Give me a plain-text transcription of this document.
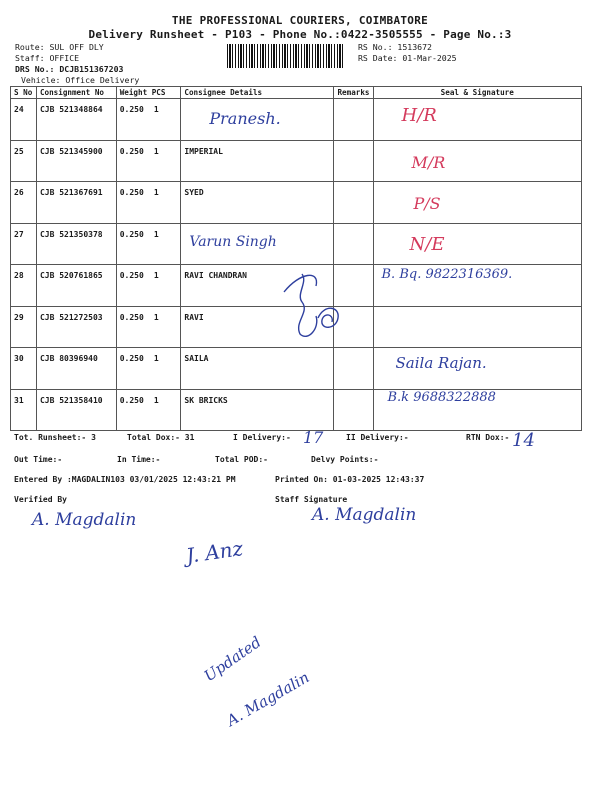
THE PROFESSIONAL COURIERS, COIMBATORE
Delivery Runsheet - P103 - Phone No.:0422-3505555 - Page No.:3
Route: SUL OFF DLY
Staff: OFFICE
DRS No.: DCJB151367203
Vehicle: Office Delivery
RS No.: 1513672
RS Date: 01-Mar-2025
S No	Consignment No	Weight PCS	Consignee Details	Remarks	Seal & Signature
24	CJB 521348864	0.250 1	Pranesh.		H/R

25	CJB 521345900	0.250 1	IMPERIAL		M/R

26	CJB 521367691	0.250 1	SYED		P/S

27	CJB 521350378	0.250 1	Varun Singh		N/E

28	CJB 520761865	0.250 1	RAVI CHANDRAN		B. Bq. 9822316369.

29	CJB 521272503	0.250 1	RAVI		

30	CJB 80396940	0.250 1	SAILA		Saila Rajan.

31	CJB 521358410	0.250 1	SK BRICKS		B.k 9688322888
Tot. Runsheet:- 3	Total Dox:- 31	I Delivery:- 17	II Delivery:-	RTN Dox:- 14
Out Time:-	In Time:-	Total POD:-	Delvy Points:-
Entered By :MAGDALIN103 03/01/2025 12:43:21 PM	Printed On: 01-03-2025 12:43:37
Verified By	Staff Signature
A. Magdalin	A. Magdalin
J. Anz
Updated
A. Magdalin
